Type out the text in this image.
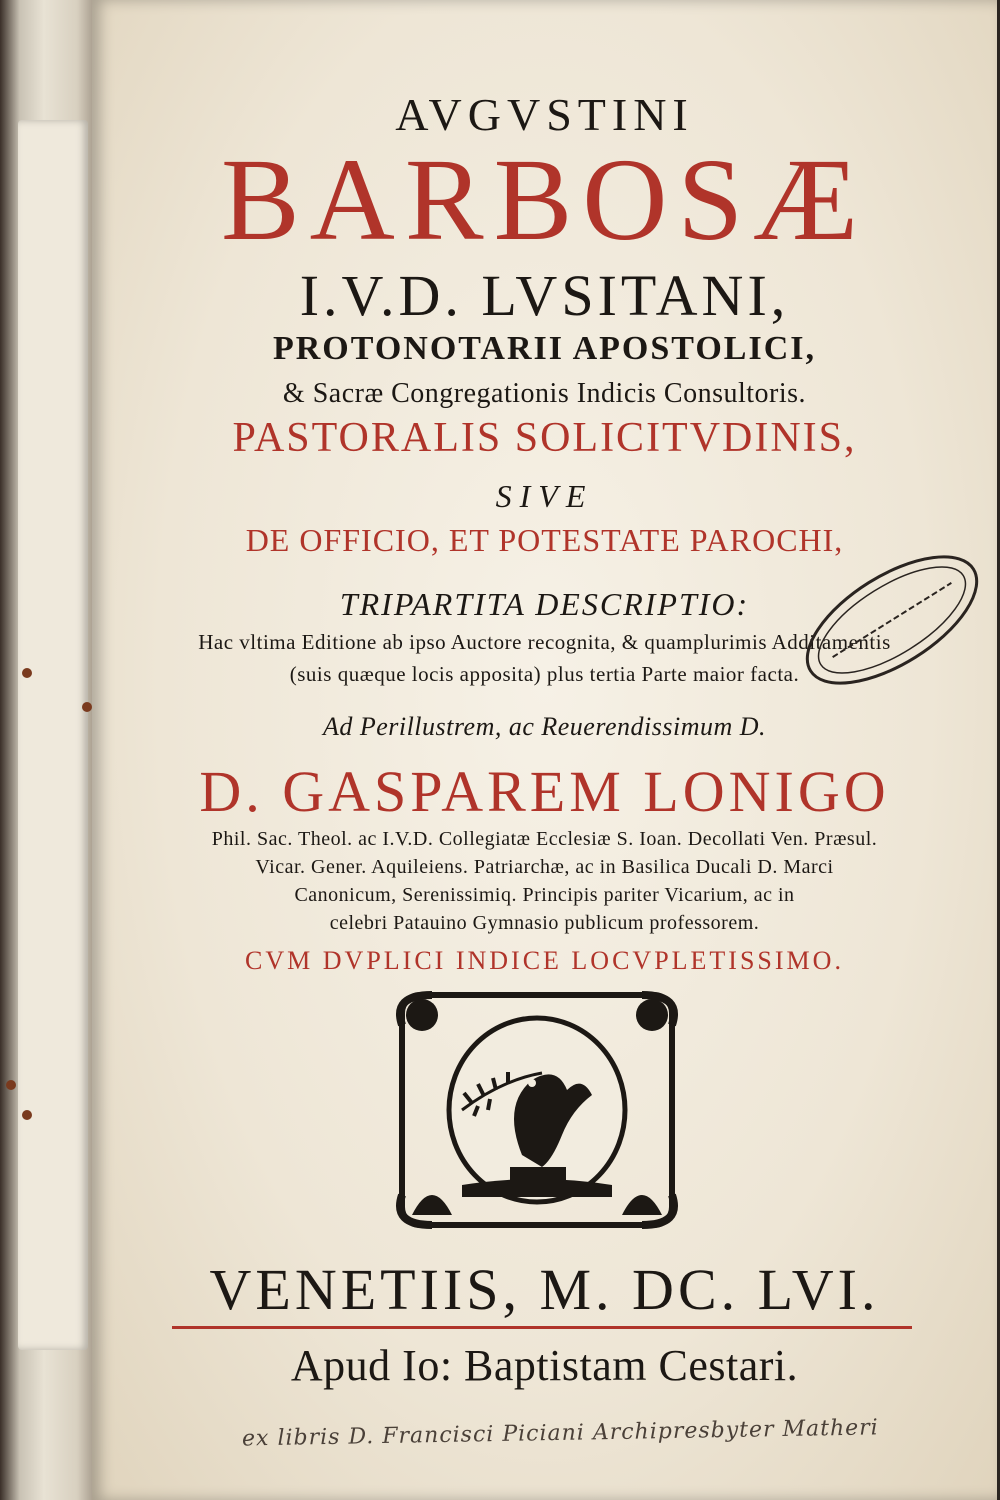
AVGVSTINI
BARBOSÆ
I.V.D. LVSITANI,
PROTONOTARII APOSTOLICI,
& Sacræ Congregationis Indicis Consultoris.
PASTORALIS SOLICITVDINIS,
SIVE
DE OFFICIO, ET POTESTATE PAROCHI,
TRIPARTITA DESCRIPTIO:
Hac vltima Editione ab ipso Auctore recognita, & quamplurimis Additamentis
(suis quæque locis apposita) plus tertia Parte maior facta.
Ad Perillustrem, ac Reuerendissimum D.
D. GASPAREM LONIGO
Phil. Sac. Theol. ac I.V.D. Collegiatæ Ecclesiæ S. Ioan. Decollati Ven. Præsul.
Vicar. Gener. Aquileiens. Patriarchæ, ac in Basilica Ducali D. Marci
Canonicum, Serenissimiq. Principis pariter Vicarium, ac in
celebri Patauino Gymnasio publicum professorem.
CVM DVPLICI INDICE LOCVPLETISSIMO.
VENETIIS, M. DC. LVI.
Apud Io: Baptistam Cestari.
ex libris D. Francisci Piciani Archipresbyter Matheri
